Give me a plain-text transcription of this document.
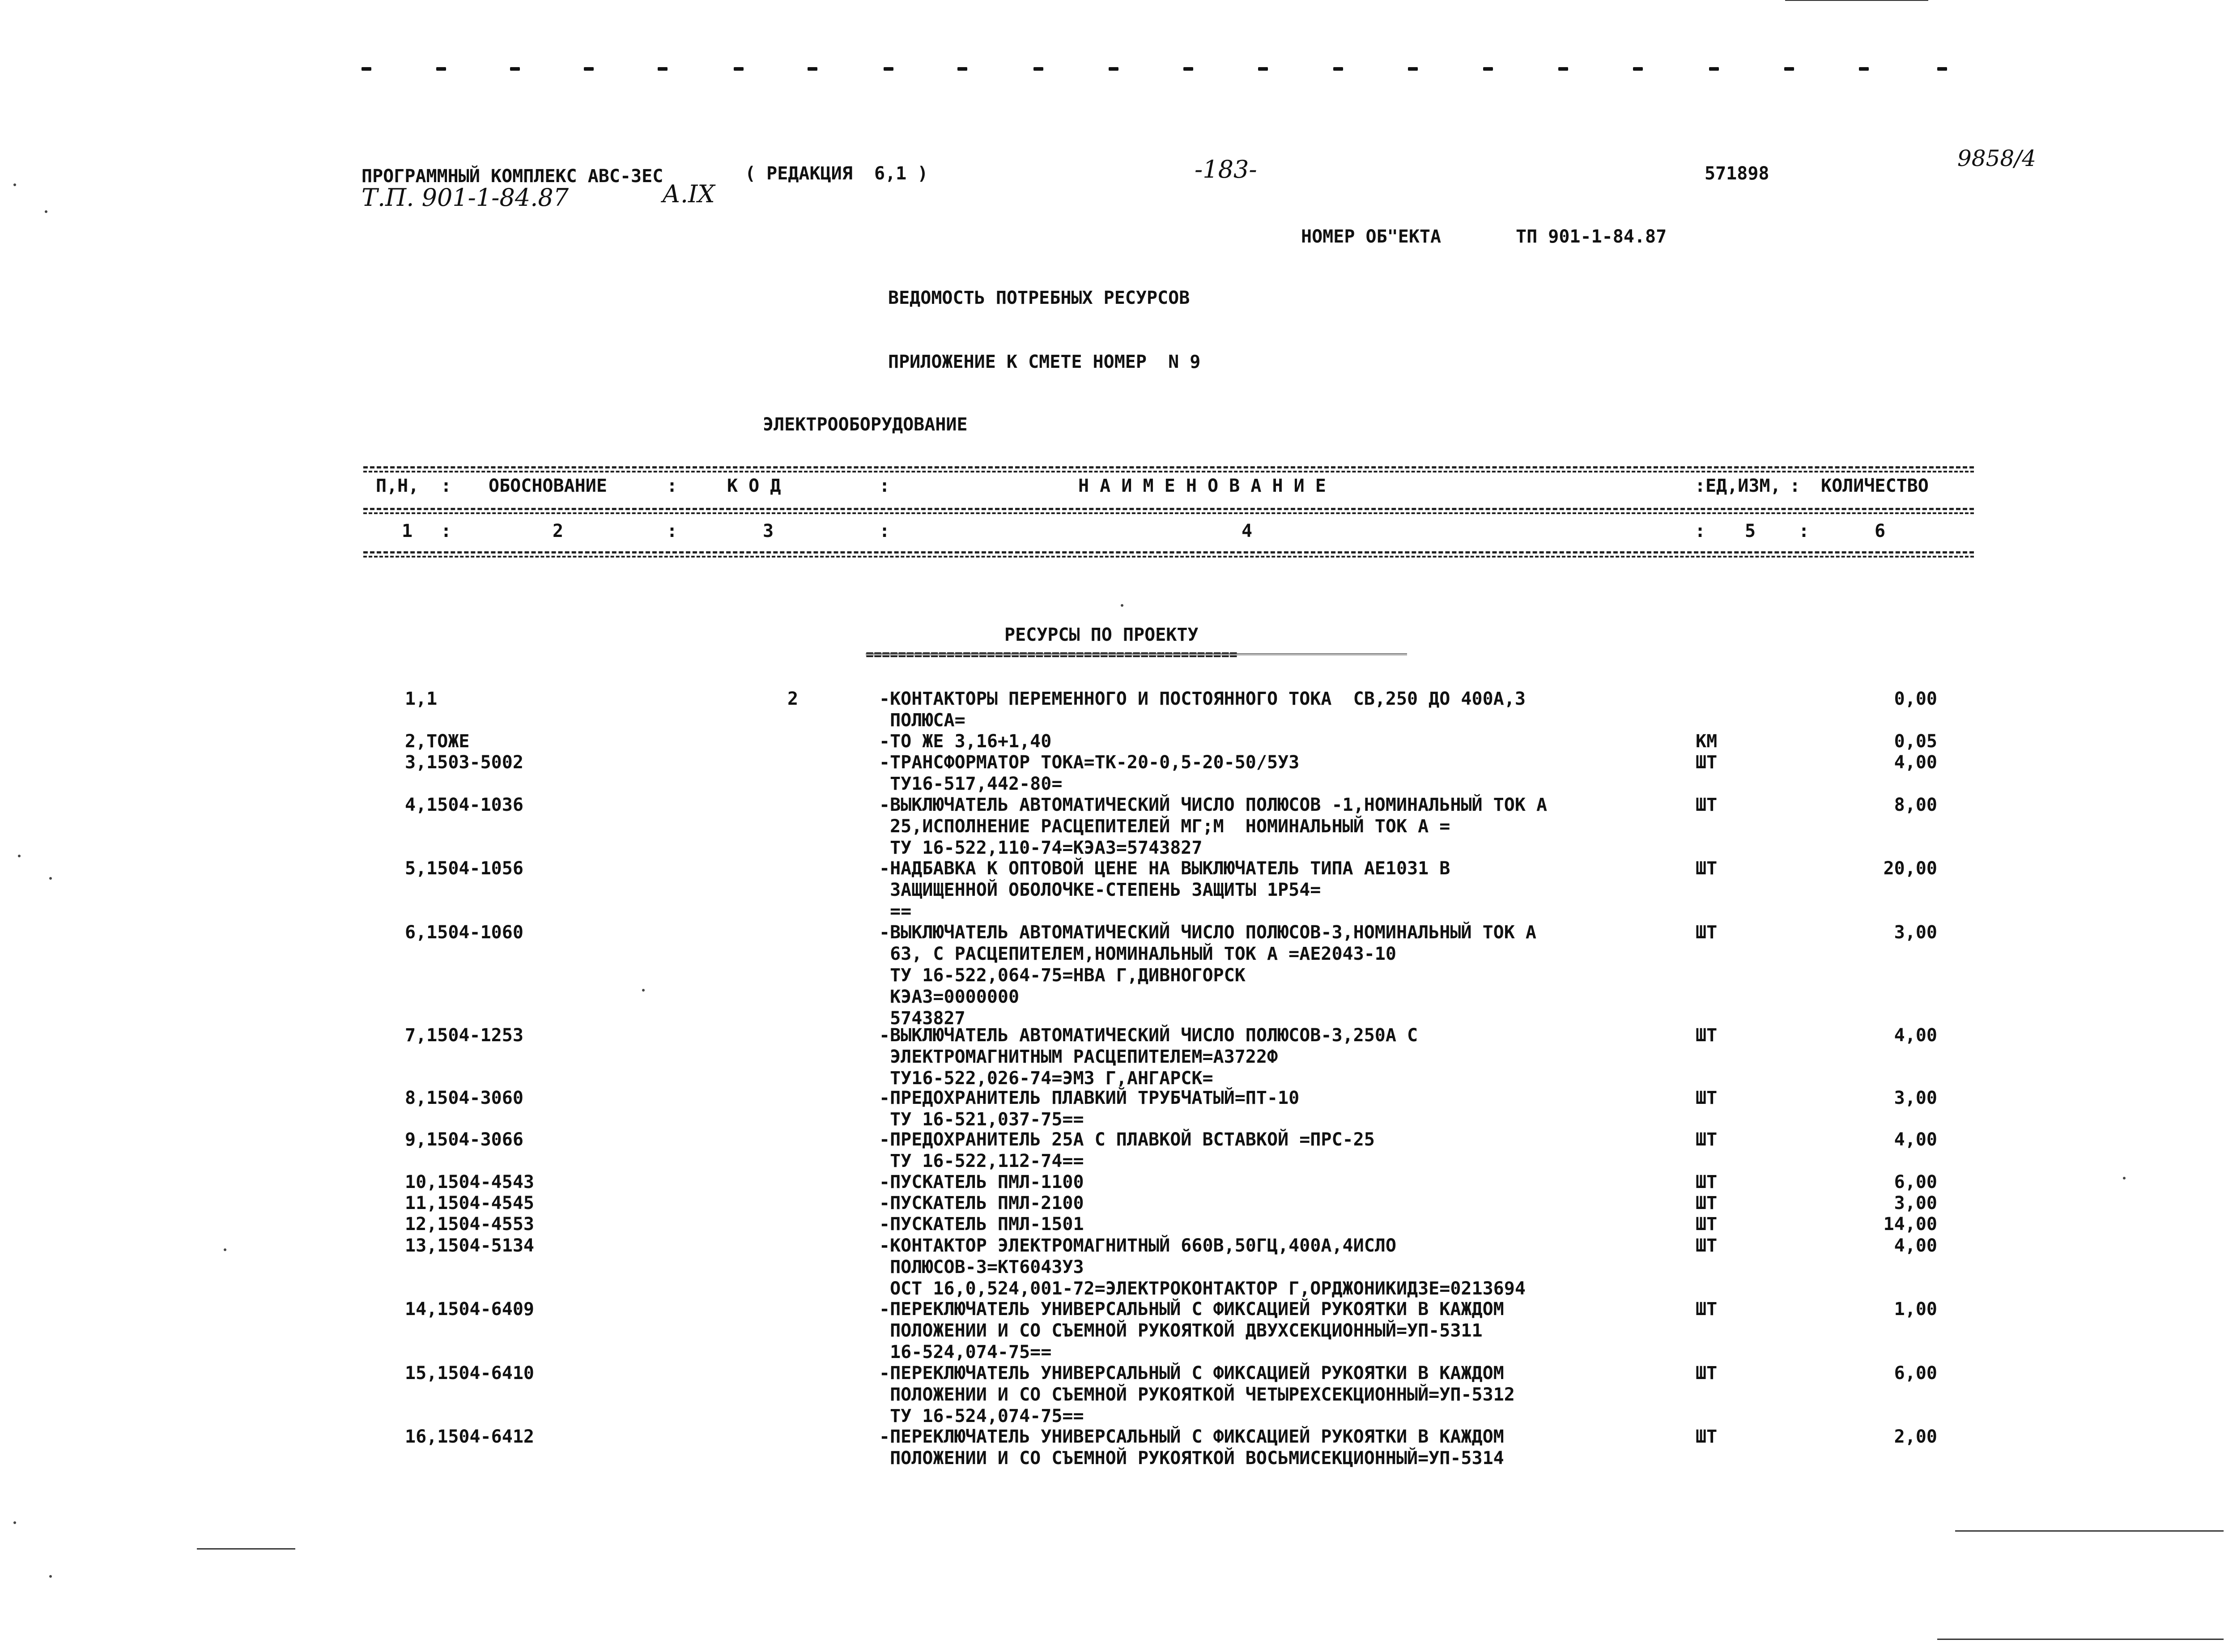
ПРОГРАММНЫЙ КОМПЛЕКС АВС-ЗЕС	( РЕДАКЦИЯ  6,1 )	-183-	571898
9858/4
Т.П. 901-1-84.87	А.IX
НОМЕР ОБ"ЕКТА	ТП 901-1-84.87
ВЕДОМОСТЬ ПОТРЕБНЫХ РЕСУРСОВ
ПРИЛОЖЕНИЕ К СМЕТЕ НОМЕР  N 9
ЭЛЕКТРООБОРУДОВАНИЕ
П,Н, : ОБОСНОВАНИЕ	:	К О Д	:	Н А И М Е Н О В А Н И Е	: ЕД,ИЗМ, : КОЛИЧЕСТВО
1 :	2	:	3	:	4	: 5 :	6
РЕСУРСЫ ПО ПРОЕКТУ
1,1	2	-КОНТАКТОРЫ ПЕРЕМЕННОГО И ПОСТОЯННОГО ТОКА  СВ,250 ДО 400А,3
ПОЛЮСА=
0,00
2,ТОЖЕ	-ТО ЖЕ 3,16+1,40	КМ	0,05
3,1503-5002	-ТРАНСФОРМАТОР ТОКА=ТК-20-0,5-20-50/5УЗ
ТУ16-517,442-80=
ШТ	4,00
4,1504-1036	-ВЫКЛЮЧАТЕЛЬ АВТОМАТИЧЕСКИЙ ЧИСЛО ПОЛЮСОВ -1,НОМИНАЛЬНЫЙ ТОК А
25,ИСПОЛНЕНИЕ РАСЦЕПИТЕЛЕЙ МГ;М  НОМИНАЛЬНЫЙ ТОК А =
ТУ 16-522,110-74=КЭАЗ=5743827
ШТ	8,00
5,1504-1056	-НАДБАВКА К ОПТОВОЙ ЦЕНЕ НА ВЫКЛЮЧАТЕЛЬ ТИПА АЕ1031 В
ЗАЩИЩЕННОЙ ОБОЛОЧКЕ-СТЕПЕНЬ ЗАЩИТЫ 1Р54=
==
ШТ	20,00
6,1504-1060	-ВЫКЛЮЧАТЕЛЬ АВТОМАТИЧЕСКИЙ ЧИСЛО ПОЛЮСОВ-3,НОМИНАЛЬНЫЙ ТОК А
63, С РАСЦЕПИТЕЛЕМ,НОМИНАЛЬНЫЙ ТОК А =АЕ2043-10
ТУ 16-522,064-75=НВА Г,ДИВНОГОРСК
КЭАЗ=0000000
5743827
ШТ	3,00
7,1504-1253	-ВЫКЛЮЧАТЕЛЬ АВТОМАТИЧЕСКИЙ ЧИСЛО ПОЛЮСОВ-3,250А С
ЭЛЕКТРОМАГНИТНЫМ РАСЦЕПИТЕЛЕМ=А3722Ф
ТУ16-522,026-74=ЭМЗ Г,АНГАРСК=
ШТ	4,00
8,1504-3060	-ПРЕДОХРАНИТЕЛЬ ПЛАВКИЙ ТРУБЧАТЫЙ=ПТ-10
ТУ 16-521,037-75==
ШТ	3,00
9,1504-3066	-ПРЕДОХРАНИТЕЛЬ 25А С ПЛАВКОЙ ВСТАВКОЙ =ПРС-25
ТУ 16-522,112-74==
ШТ	4,00
10,1504-4543	-ПУСКАТЕЛЬ ПМЛ-1100	ШТ	6,00
11,1504-4545	-ПУСКАТЕЛЬ ПМЛ-2100	ШТ	3,00
12,1504-4553	-ПУСКАТЕЛЬ ПМЛ-1501	ШТ	14,00
13,1504-5134	-КОНТАКТОР ЭЛЕКТРОМАГНИТНЫЙ 660В,50ГЦ,400А,4ИСЛО
ПОЛЮСОВ-3=КТ6043УЗ
ОСТ 16,0,524,001-72=ЭЛЕКТРОКОНТАКТОР Г,ОРДЖОНИКИДЗЕ=0213694
ШТ	4,00
14,1504-6409	-ПЕРЕКЛЮЧАТЕЛЬ УНИВЕРСАЛЬНЫЙ С ФИКСАЦИЕЙ РУКОЯТКИ В КАЖДОМ
ПОЛОЖЕНИИ И СО СЪЕМНОЙ РУКОЯТКОЙ ДВУХСЕКЦИОННЫЙ=УП-5311
16-524,074-75==
ШТ	1,00
15,1504-6410	-ПЕРЕКЛЮЧАТЕЛЬ УНИВЕРСАЛЬНЫЙ С ФИКСАЦИЕЙ РУКОЯТКИ В КАЖДОМ
ПОЛОЖЕНИИ И СО СЪЕМНОЙ РУКОЯТКОЙ ЧЕТЫРЕХСЕКЦИОННЫЙ=УП-5312
ТУ 16-524,074-75==
ШТ	6,00
16,1504-6412	-ПЕРЕКЛЮЧАТЕЛЬ УНИВЕРСАЛЬНЫЙ С ФИКСАЦИЕЙ РУКОЯТКИ В КАЖДОМ
ПОЛОЖЕНИИ И СО СЪЕМНОЙ РУКОЯТКОЙ ВОСЬМИСЕКЦИОННЫЙ=УП-5314
ШТ	2,00
==============================================
